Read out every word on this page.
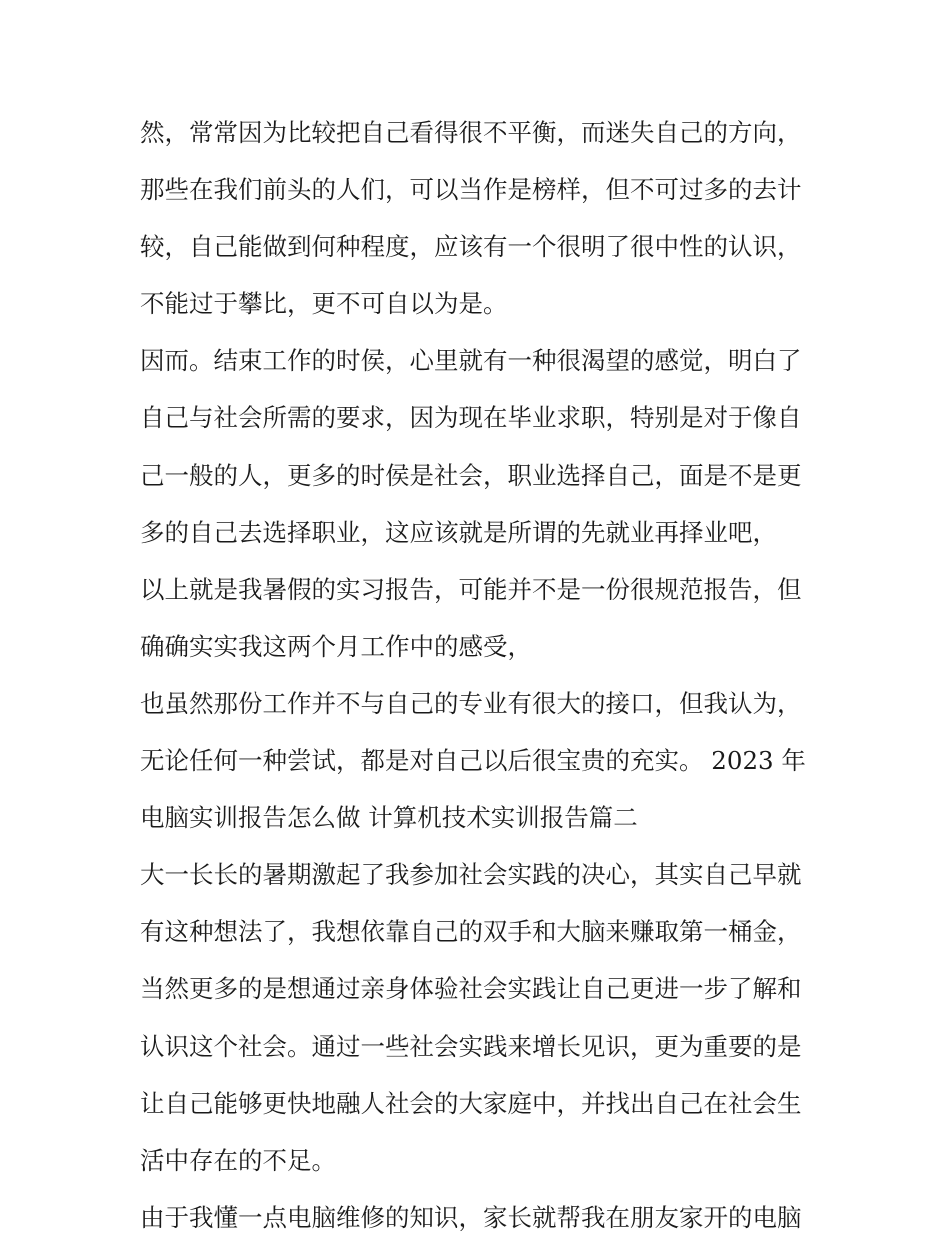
然，常常因为比较把自己看得很不平衡，而迷失自己的方向，
那些在我们前头的人们，可以当作是榜样，但不可过多的去计
较，自己能做到何种程度，应该有一个很明了很中性的认识，
不能过于攀比，更不可自以为是。
因而。结束工作的时侯，心里就有一种很渴望的感觉，明白了
自己与社会所需的要求，因为现在毕业求职，特别是对于像自
己一般的人，更多的时侯是社会，职业选择自己，面是不是更
多的自己去选择职业，这应该就是所谓的先就业再择业吧，
以上就是我暑假的实习报告，可能并不是一份很规范报告，但
确确实实我这两个月工作中的感受，
也虽然那份工作并不与自己的专业有很大的接口，但我认为，
无论任何一种尝试，都是对自己以后很宝贵的充实。 2023 年
电脑实训报告怎么做 计算机技术实训报告篇二
大一长长的暑期激起了我参加社会实践的决心，其实自己早就
有这种想法了，我想依靠自己的双手和大脑来赚取第一桶金，
当然更多的是想通过亲身体验社会实践让自己更进一步了解和
认识这个社会。通过一些社会实践来增长见识，更为重要的是
让自己能够更快地融人社会的大家庭中，并找出自己在社会生
活中存在的不足。
由于我懂一点电脑维修的知识，家长就帮我在朋友家开的电脑
